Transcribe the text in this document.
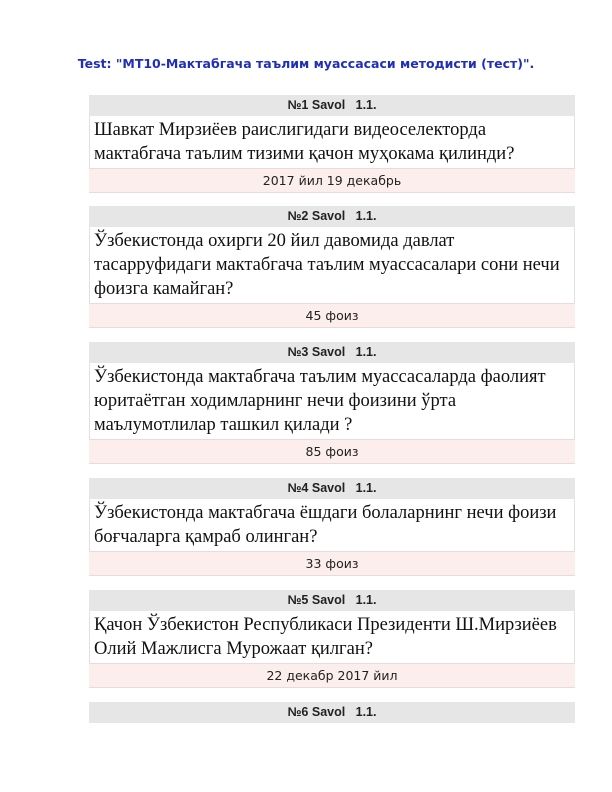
Test: "МТ10-Мактабгача таълим муассасаси методисти (тест)".
№1 Savol   1.1.
Шавкат Мирзиёев раислигидаги видеоселекторда мактабгача таълим тизими қачон муҳокама қилинди?
2017 йил 19 декабрь
№2 Savol   1.1.
Ўзбекистонда охирги 20 йил давомида давлат тасарруфидаги мактабгача таълим муассасалари сони нечи фоизга камайган?
45 фоиз
№3 Savol   1.1.
Ўзбекистонда мактабгача таълим муассасаларда фаолият юритаётган ходимларнинг нечи фоизини ўрта маълумотлилар ташкил қилади ?
85 фоиз
№4 Savol   1.1.
Ўзбекистонда мактабгача ёшдаги болаларнинг нечи фоизи боғчаларга қамраб олинган?
33 фоиз
№5 Savol   1.1.
Қачон Ўзбекистон Республикаси Президенти Ш.Мирзиёев Олий Мажлисга Мурожаат қилган?
22 декабр 2017 йил
№6 Savol   1.1.
